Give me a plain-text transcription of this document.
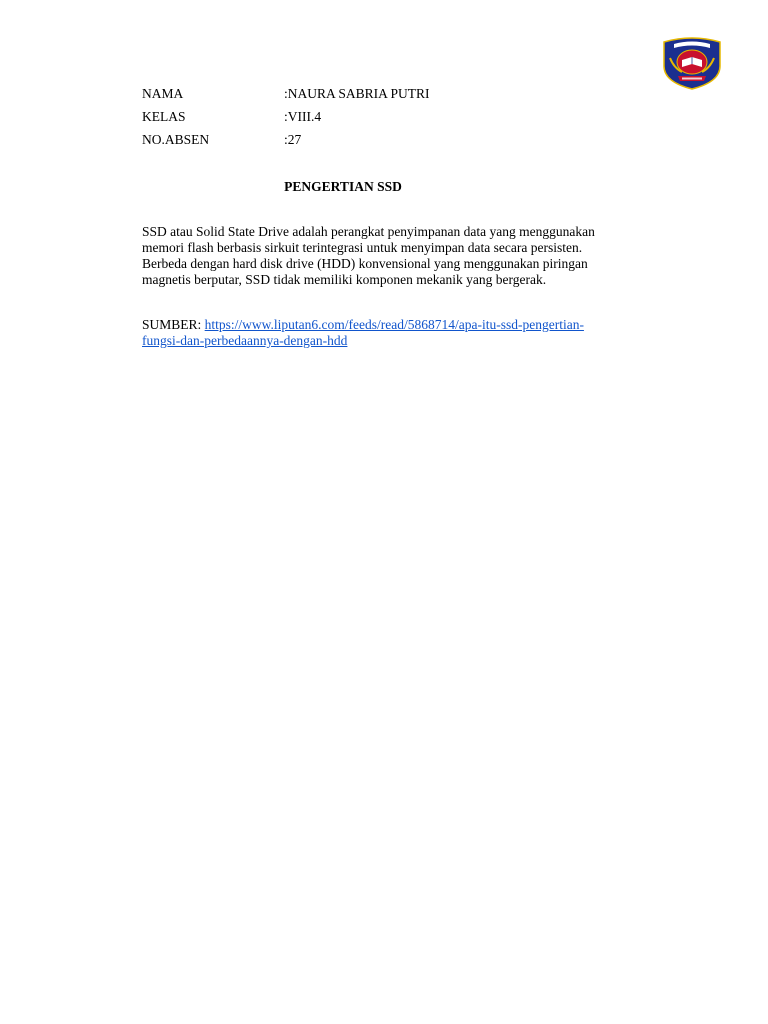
NAMA	:NAURA SABRIA PUTRI
KELAS	:VIII.4
NO.ABSEN	:27
PENGERTIAN SSD

SSD atau Solid State Drive adalah perangkat penyimpanan data yang menggunakan
memori flash berbasis sirkuit terintegrasi untuk menyimpan data secara persisten.
Berbeda dengan hard disk drive (HDD) konvensional yang menggunakan piringan
magnetis berputar, SSD tidak memiliki komponen mekanik yang bergerak.

SUMBER: https://www.liputan6.com/feeds/read/5868714/apa-itu-ssd-pengertian-
fungsi-dan-perbedaannya-dengan-hdd
